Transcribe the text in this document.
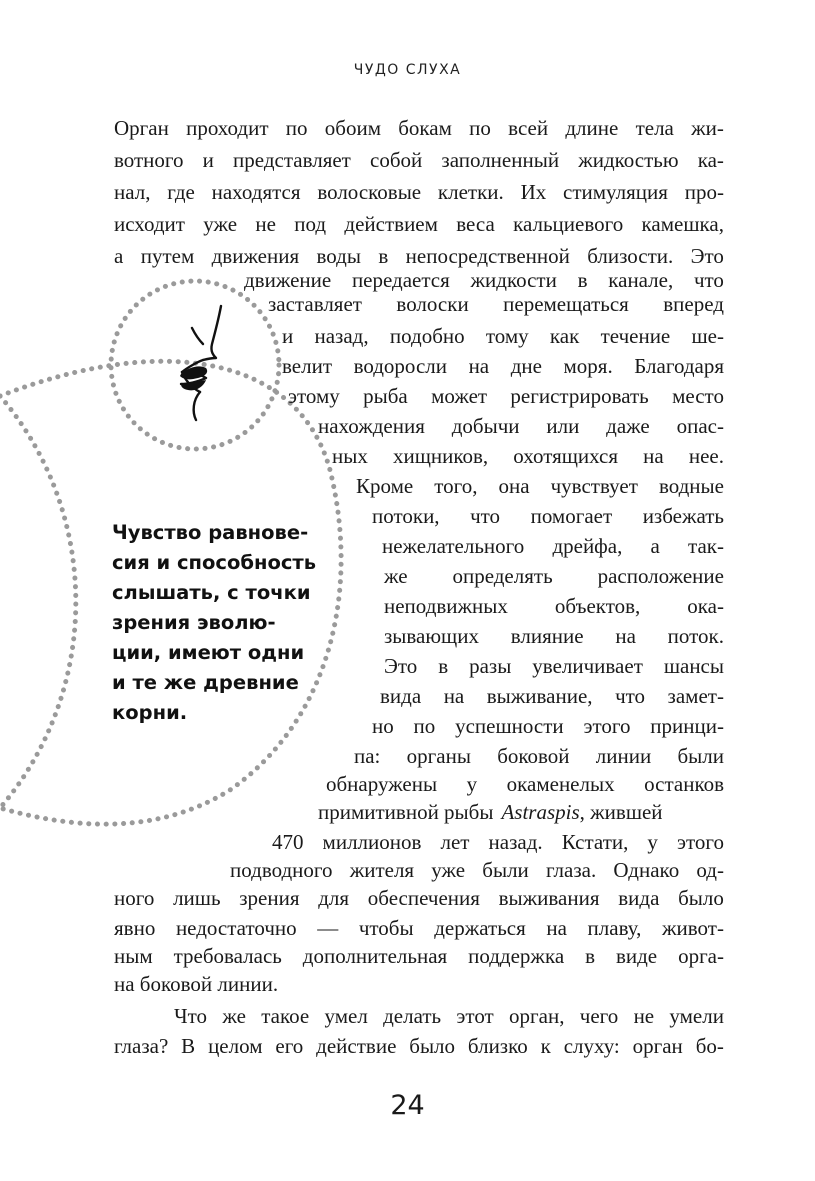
ЧУДО СЛУХА
Орган проходит по обоим бокам по всей длине тела жи-
вотного и представляет собой заполненный жидкостью ка-
нал, где находятся волосковые клетки. Их стимуляция про-
исходит уже не под действием веса кальциевого камешка,
а путем движения воды в непосредственной близости. Это
движение передается жидкости в канале, что
заставляет волоски перемещаться вперед
и назад, подобно тому как течение ше-
велит водоросли на дне моря. Благодаря
этому рыба может регистрировать место
нахождения добычи или даже опас-
ных хищников, охотящихся на нее.
Кроме того, она чувствует водные
потоки, что помогает избежать
нежелательного дрейфа, а так-
же определять расположение
неподвижных объектов, ока-
зывающих влияние на поток.
Это в разы увеличивает шансы
вида на выживание, что замет-
но по успешности этого принци-
па: органы боковой линии были
обнаружены у окаменелых останков
примитивной рыбы Astraspis , жившей
470 миллионов лет назад. Кстати, у этого
подводного жителя уже были глаза. Однако од-
ного лишь зрения для обеспечения выживания вида было
явно недостаточно — чтобы держаться на плаву, живот-
ным требовалась дополнительная поддержка в виде орга-
на боковой линии.
Что же такое умел делать этот орган, чего не умели
глаза? В целом его действие было близко к слуху: орган бо-
Чувство равнове-
сия и способность
слышать, с точки
зрения эволю-
ции, имеют одни
и те же древние
корни.
24
